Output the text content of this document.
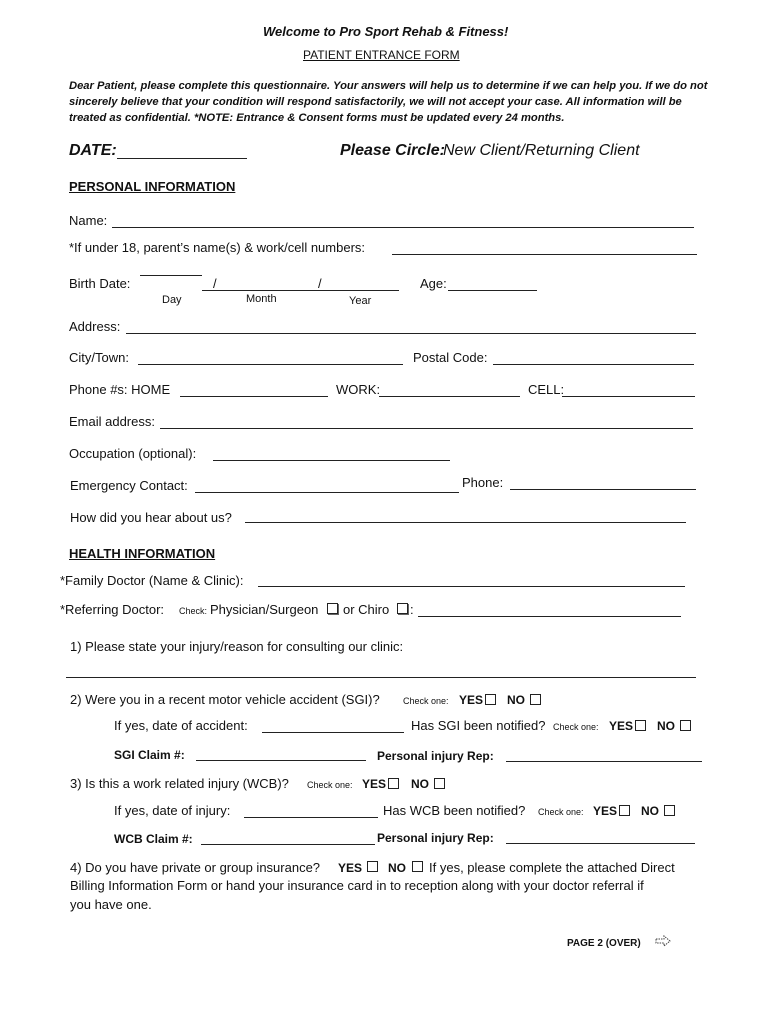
Welcome to Pro Sport Rehab & Fitness!
PATIENT ENTRANCE FORM
Dear Patient, please complete this questionnaire. Your answers will help us to determine if we can help you. If we do not sincerely believe that your condition will respond satisfactorily, we will not accept your case. All information will be treated as confidential. *NOTE: Entrance & Consent forms must be updated every 24 months.
DATE:	Please Circle:
New Client/Returning Client
PERSONAL INFORMATION
Name:
*If under 18, parent’s name(s) & work/cell numbers:
Birth Date:	/	/	Age:
Day	Month	Year
Address:
City/Town:	Postal Code:
Phone #s: HOME	WORK:	CELL:
Email address:
Occupation (optional):
Emergency Contact:	Phone:
How did you hear about us?
HEALTH INFORMATION
*Family Doctor (Name & Clinic):
*Referring Doctor: Check: Physician/Surgeon or Chiro :
1) Please state your injury/reason for consulting our clinic:
2) Were you in a recent motor vehicle accident (SGI)?	Check one: YES NO
If yes, date of accident:	Has SGI been notified? Check one: YES NO
SGI Claim #:	Personal injury Rep:
3) Is this a work related injury (WCB)? Check one: YES NO
If yes, date of injury:	Has WCB been notified? Check one: YES NO
WCB Claim #:	Personal injury Rep:
4) Do you have private or group insurance? YES NO If yes, please complete the attached Direct
Billing Information Form or hand your insurance card in to reception along with your doctor referral if
you have one.
PAGE 2 (OVER)
